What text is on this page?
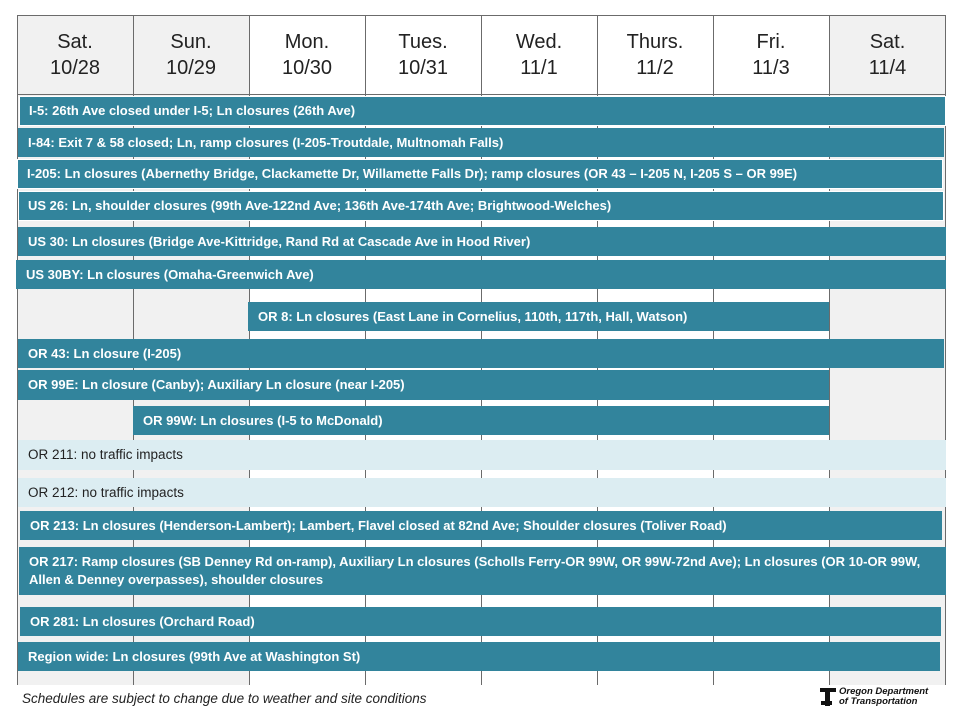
Sat.
10/28
Sun.
10/29
Mon.
10/30
Tues.
10/31
Wed.
11/1
Thurs.
11/2
Fri.
11/3
Sat.
11/4
I-5: 26th Ave closed under I-5; Ln closures (26th Ave)
I-84: Exit 7 & 58 closed; Ln, ramp closures (I-205-Troutdale, Multnomah Falls)
I-205: Ln closures (Abernethy Bridge, Clackamette Dr, Willamette Falls Dr); ramp closures (OR 43 – I-205 N, I-205 S – OR 99E)
US 26: Ln, shoulder closures (99th Ave-122nd Ave; 136th Ave-174th Ave; Brightwood-Welches)
US 30: Ln closures (Bridge Ave-Kittridge, Rand Rd at Cascade Ave in Hood River)
US 30BY: Ln closures (Omaha-Greenwich Ave)
OR 8: Ln closures (East Lane in Cornelius, 110th, 117th, Hall, Watson)
OR 43: Ln closure (I-205)
OR 99E: Ln closure (Canby); Auxiliary Ln closure (near I-205)
OR 99W: Ln closures (I-5 to McDonald)
OR 211: no traffic impacts
OR 212: no traffic impacts
OR 213: Ln closures (Henderson-Lambert); Lambert, Flavel closed at 82nd Ave; Shoulder closures (Toliver Road)
OR 217: Ramp closures (SB Denney Rd on-ramp), Auxiliary Ln closures (Scholls Ferry-OR 99W, OR 99W-72nd Ave); Ln closures (OR 10-OR 99W, Allen & Denney overpasses), shoulder closures
OR 281: Ln closures (Orchard Road)
Region wide: Ln closures (99th Ave at Washington St)
Schedules are subject to change due to weather and site conditions	Oregon Department
of Transportation
